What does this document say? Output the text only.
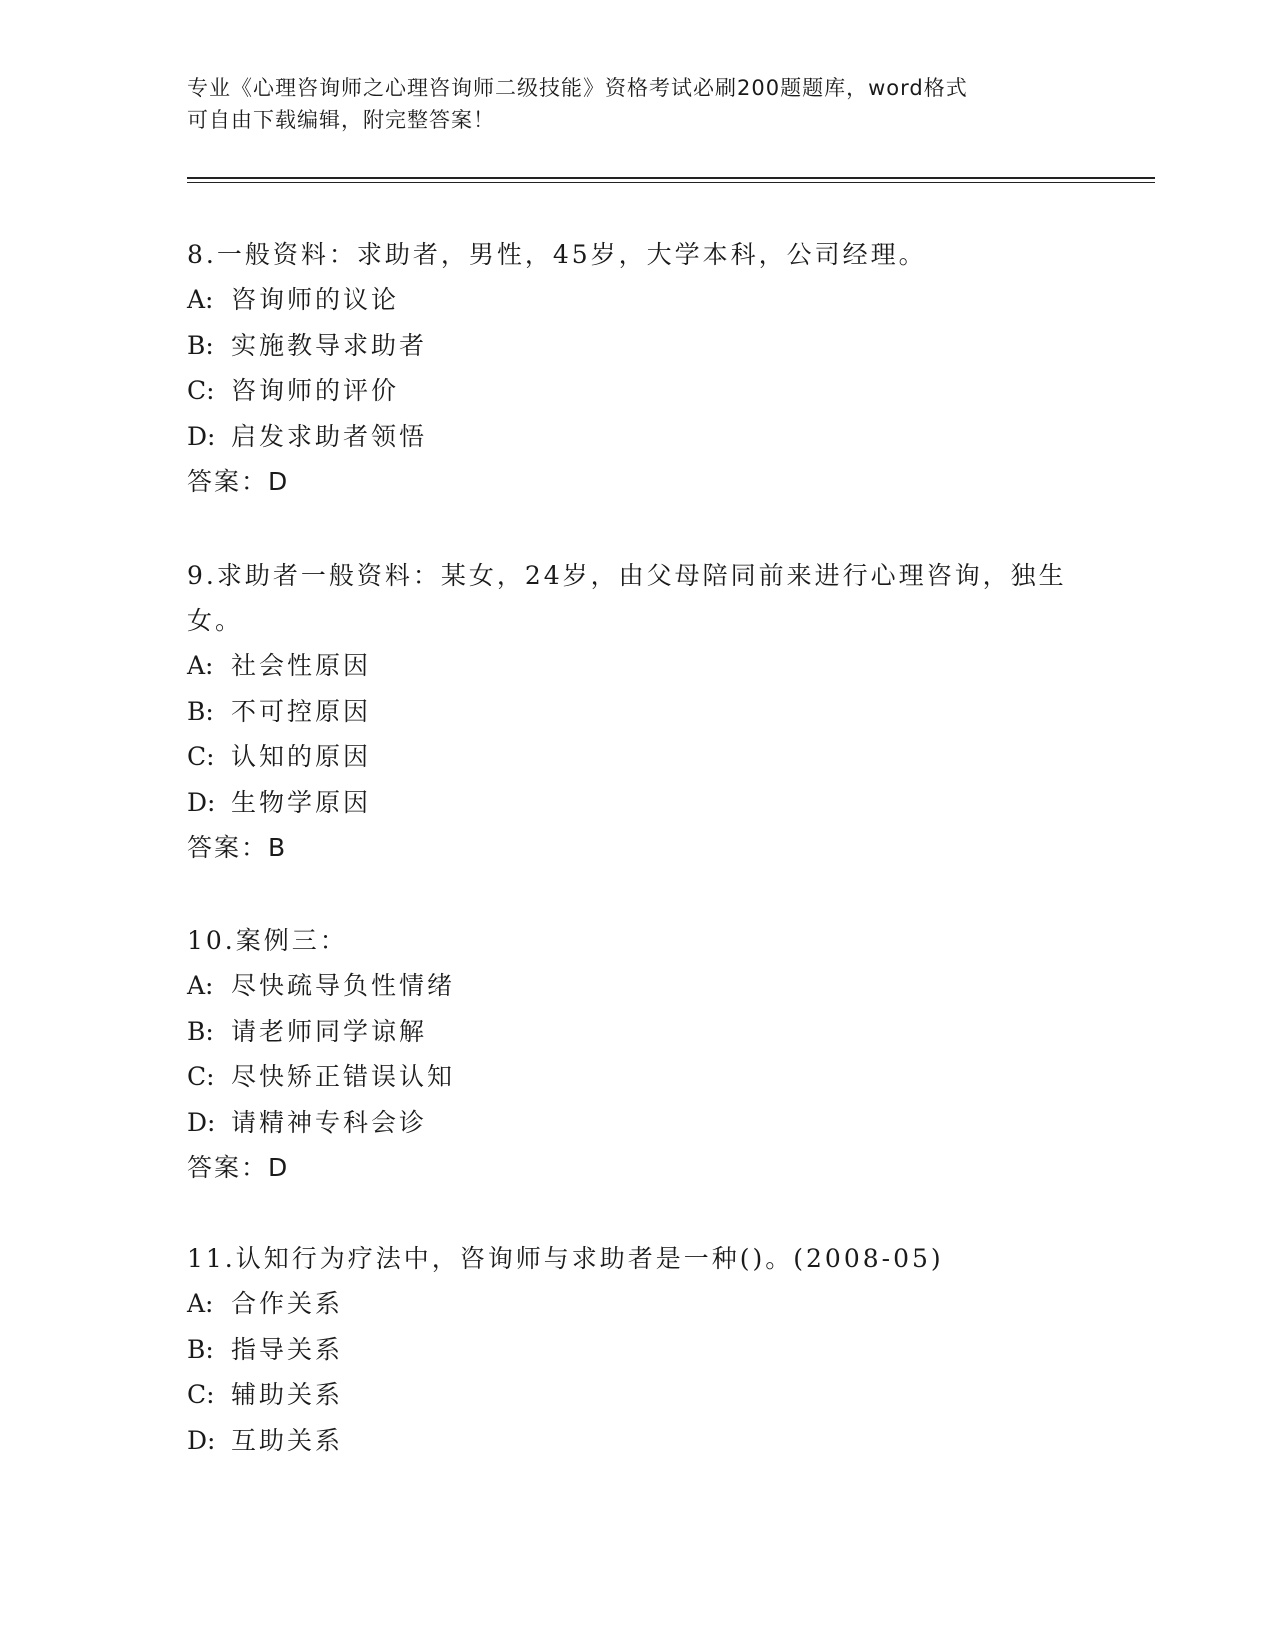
专业《心理咨询师之心理咨询师二级技能》资格考试必刷200题题库，word格式
可自由下载编辑，附完整答案！
8.一般资料：求助者，男性，45岁，大学本科，公司经理。
A: 咨询师的议论
B: 实施教导求助者
C: 咨询师的评价
D: 启发求助者领悟
答案：D
9.求助者一般资料：某女，24岁，由父母陪同前来进行心理咨询，独生女。
A: 社会性原因
B: 不可控原因
C: 认知的原因
D: 生物学原因
答案：B
10.案例三：
A: 尽快疏导负性情绪
B: 请老师同学谅解
C: 尽快矫正错误认知
D: 请精神专科会诊
答案：D
11.认知行为疗法中，咨询师与求助者是一种()。(2008-05)
A: 合作关系
B: 指导关系
C: 辅助关系
D: 互助关系
